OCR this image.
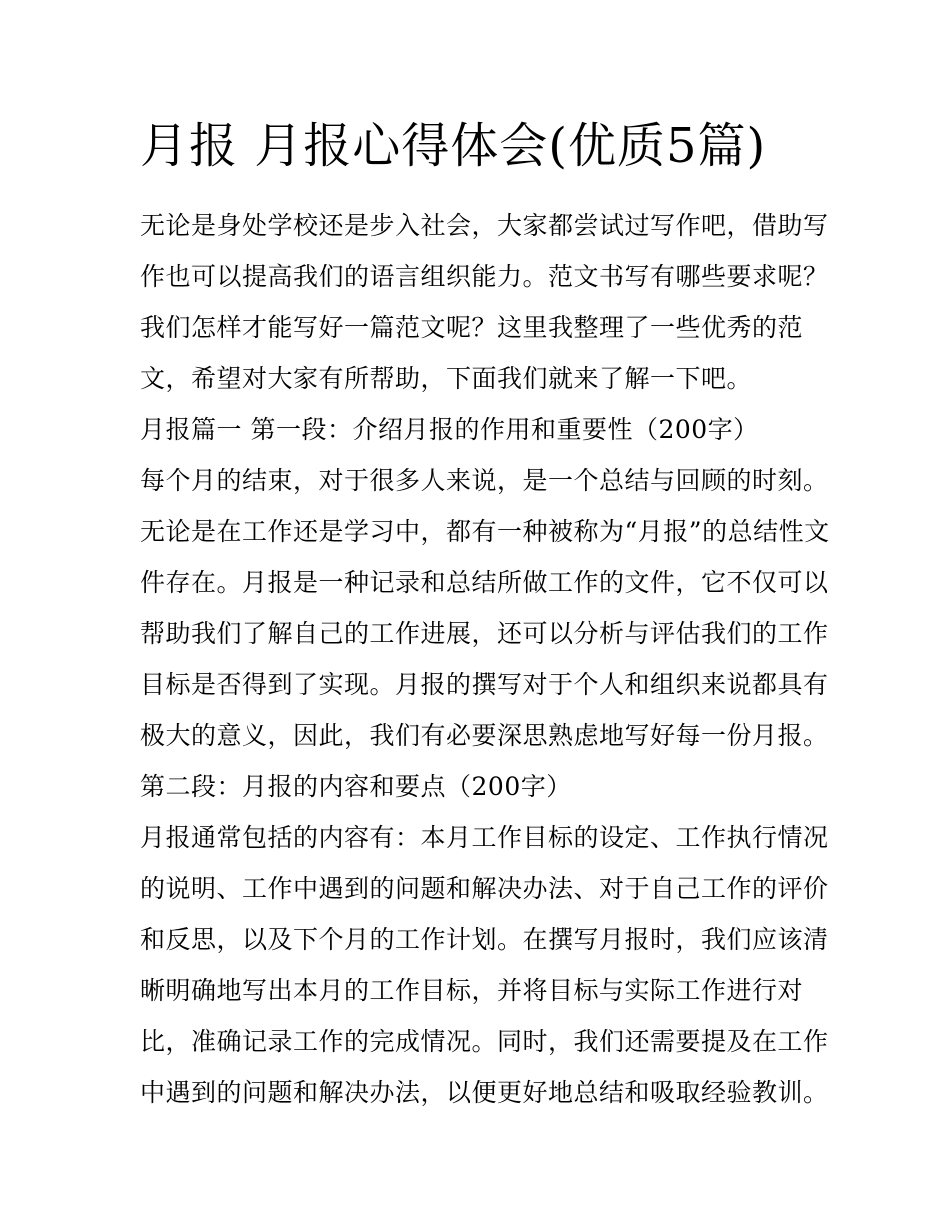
月报 月报心得体会(优质5篇)
无论是身处学校还是步入社会，大家都尝试过写作吧，借助写
作也可以提高我们的语言组织能力。范文书写有哪些要求呢？
我们怎样才能写好一篇范文呢？这里我整理了一些优秀的范
文，希望对大家有所帮助，下面我们就来了解一下吧。
月报篇一 第一段：介绍月报的作用和重要性（200字）
每个月的结束，对于很多人来说，是一个总结与回顾的时刻。
无论是在工作还是学习中，都有一种被称为“月报”的总结性文
件存在。月报是一种记录和总结所做工作的文件，它不仅可以
帮助我们了解自己的工作进展，还可以分析与评估我们的工作
目标是否得到了实现。月报的撰写对于个人和组织来说都具有
极大的意义，因此，我们有必要深思熟虑地写好每一份月报。
第二段：月报的内容和要点（200字）
月报通常包括的内容有：本月工作目标的设定、工作执行情况
的说明、工作中遇到的问题和解决办法、对于自己工作的评价
和反思，以及下个月的工作计划。在撰写月报时，我们应该清
晰明确地写出本月的工作目标，并将目标与实际工作进行对
比，准确记录工作的完成情况。同时，我们还需要提及在工作
中遇到的问题和解决办法，以便更好地总结和吸取经验教训。
